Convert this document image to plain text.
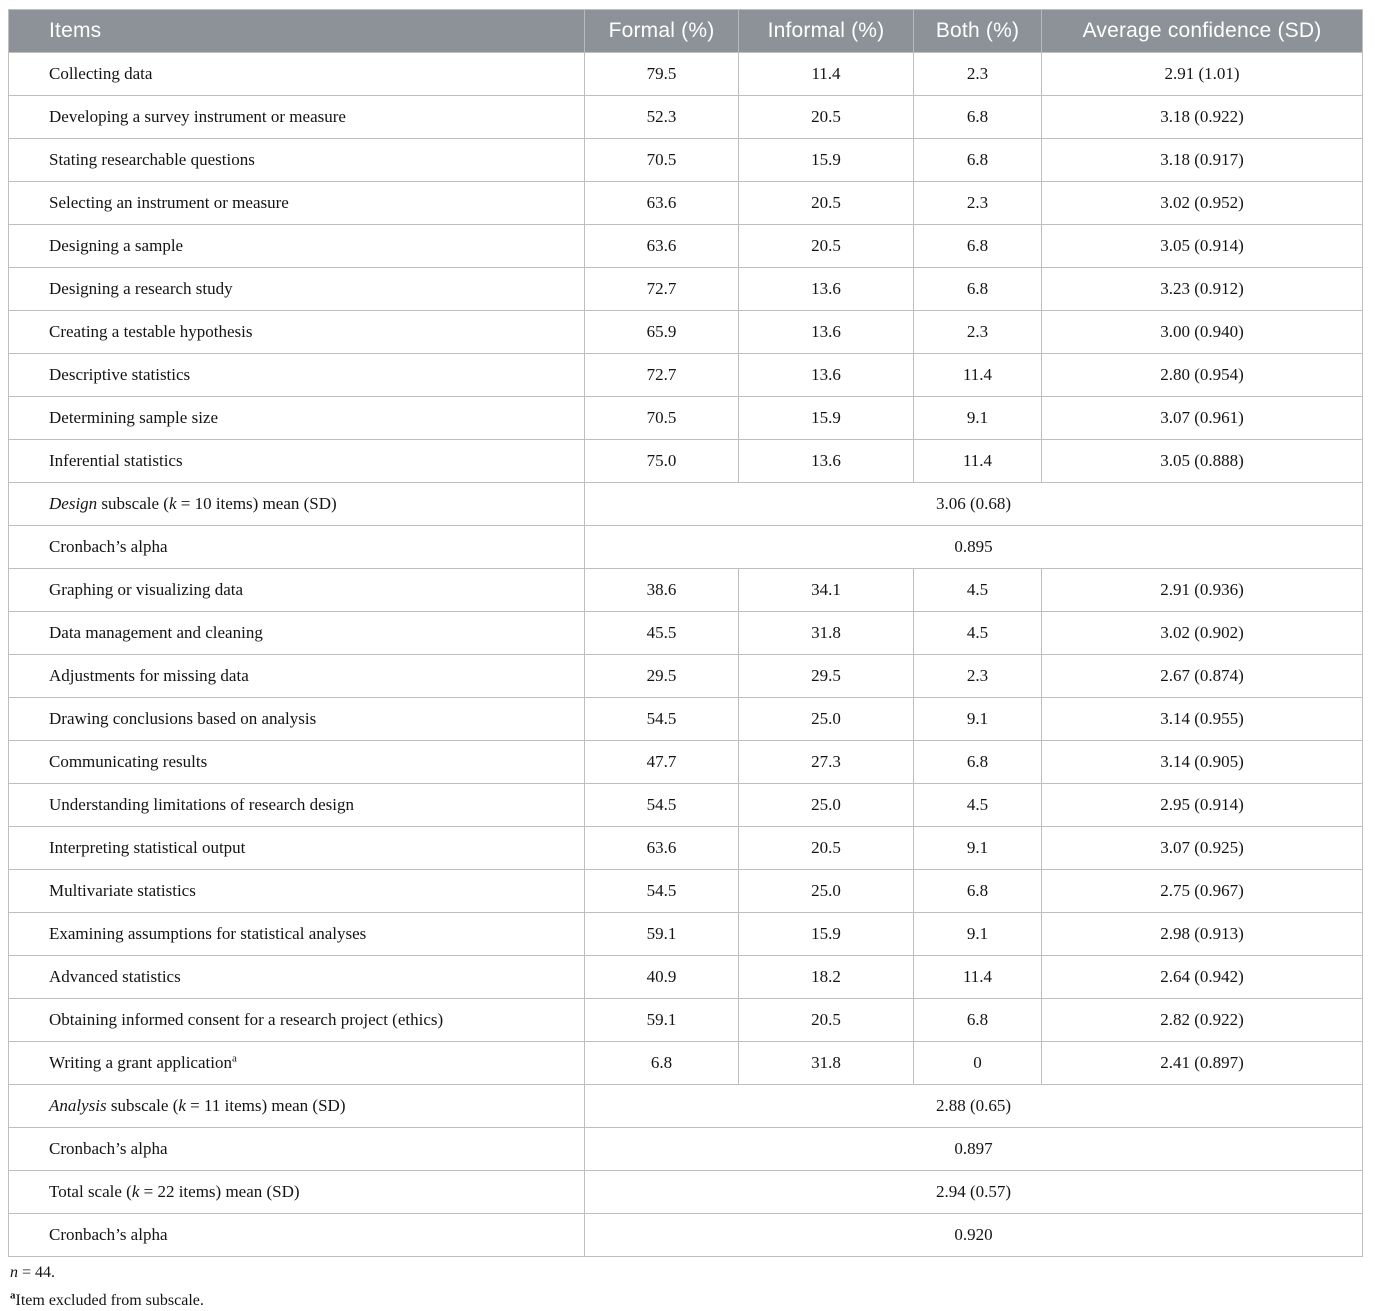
Items	Formal (%)	Informal (%)	Both (%)	Average confidence (SD)
Collecting data	79.5	11.4	2.3	2.91 (1.01)
Developing a survey instrument or measure	52.3	20.5	6.8	3.18 (0.922)
Stating researchable questions	70.5	15.9	6.8	3.18 (0.917)
Selecting an instrument or measure	63.6	20.5	2.3	3.02 (0.952)
Designing a sample	63.6	20.5	6.8	3.05 (0.914)
Designing a research study	72.7	13.6	6.8	3.23 (0.912)
Creating a testable hypothesis	65.9	13.6	2.3	3.00 (0.940)
Descriptive statistics	72.7	13.6	11.4	2.80 (0.954)
Determining sample size	70.5	15.9	9.1	3.07 (0.961)
Inferential statistics	75.0	13.6	11.4	3.05 (0.888)
Design subscale (k = 10 items) mean (SD)	3.06 (0.68)			
Cronbach’s alpha	0.895			
Graphing or visualizing data	38.6	34.1	4.5	2.91 (0.936)
Data management and cleaning	45.5	31.8	4.5	3.02 (0.902)
Adjustments for missing data	29.5	29.5	2.3	2.67 (0.874)
Drawing conclusions based on analysis	54.5	25.0	9.1	3.14 (0.955)
Communicating results	47.7	27.3	6.8	3.14 (0.905)
Understanding limitations of research design	54.5	25.0	4.5	2.95 (0.914)
Interpreting statistical output	63.6	20.5	9.1	3.07 (0.925)
Multivariate statistics	54.5	25.0	6.8	2.75 (0.967)
Examining assumptions for statistical analyses	59.1	15.9	9.1	2.98 (0.913)
Advanced statistics	40.9	18.2	11.4	2.64 (0.942)
Obtaining informed consent for a research project (ethics)	59.1	20.5	6.8	2.82 (0.922)
Writing a grant application$^a$	6.8	31.8	0	2.41 (0.897)
Analysis subscale (k = 11 items) mean (SD)	2.88 (0.65)			
Cronbach’s alpha	0.897			
Total scale (k = 22 items) mean (SD)	2.94 (0.57)			
Cronbach’s alpha	0.920			

n = 44.

$^a$Item excluded from subscale.
